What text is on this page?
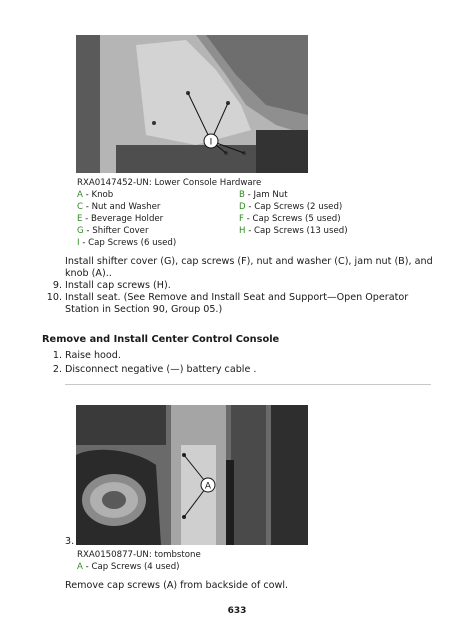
I
RXA0147452-UN: Lower Console Hardware
A - Knob	B - Jam Nut
C - Nut and Washer	D - Cap Screws (2 used)
E - Beverage Holder	F - Cap Screws (5 used)
G - Shifter Cover	H - Cap Screws (13 used)
I - Cap Screws (6 used)
Install shifter cover (G), cap screws (F), nut and washer (C), jam nut (B), and knob (A)..
9. Install cap screws (H).
10. Install seat. (See Remove and Install Seat and Support—Open Operator Station in Section 90, Group 05.)
Remove and Install Center Control Console
1. Raise hood.
2. Disconnect negative (—) battery cable .
3.
A
RXA0150877-UN: tombstone
A - Cap Screws (4 used)
Remove cap screws (A) from backside of cowl.
633
